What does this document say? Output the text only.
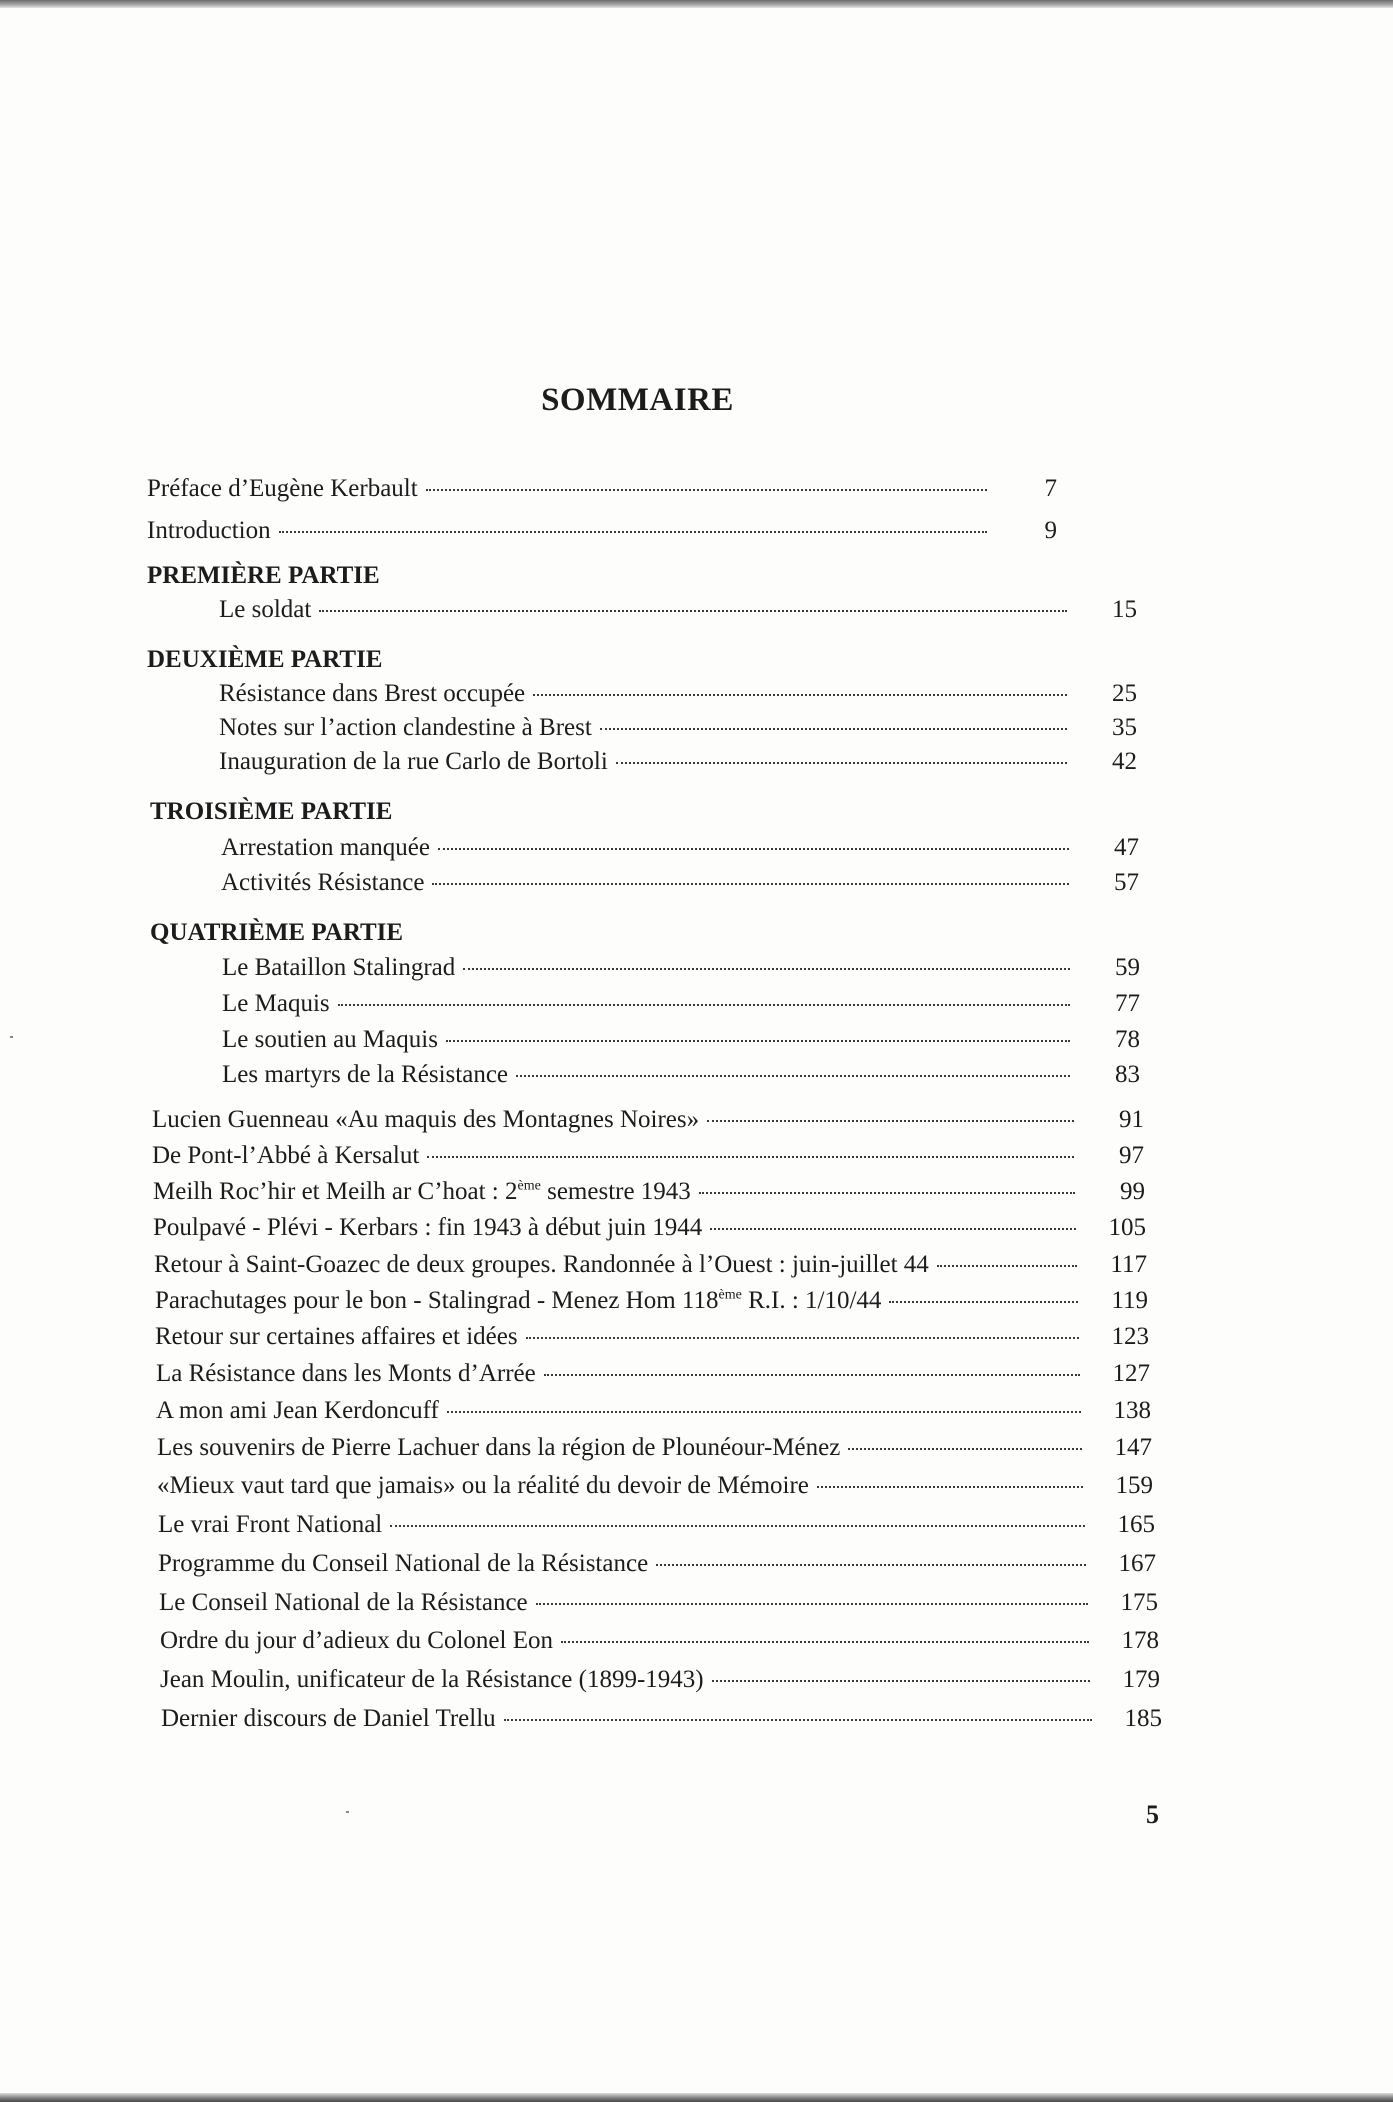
SOMMAIRE
Préface d’Eugène Kerbault	7
Introduction	9
PREMIÈRE PARTIE
Le soldat	15
DEUXIÈME PARTIE
Résistance dans Brest occupée	25
Notes sur l’action clandestine à Brest	35
Inauguration de la rue Carlo de Bortoli	42
TROISIÈME PARTIE
Arrestation manquée	47
Activités Résistance	57
QUATRIÈME PARTIE
Le Bataillon Stalingrad	59
Le Maquis	77
Le soutien au Maquis	78
Les martyrs de la Résistance	83
Lucien Guenneau «Au maquis des Montagnes Noires»	91
De Pont-l’Abbé à Kersalut	97
Meilh Roc’hir et Meilh ar C’hoat : 2ème semestre 1943	99
Poulpavé - Plévi - Kerbars : fin 1943 à début juin 1944	105
Retour à Saint-Goazec de deux groupes. Randonnée à l’Ouest : juin-juillet 44	117
Parachutages pour le bon - Stalingrad - Menez Hom 118ème R.I. : 1/10/44	119
Retour sur certaines affaires et idées	123
La Résistance dans les Monts d’Arrée	127
A mon ami Jean Kerdoncuff	138
Les souvenirs de Pierre Lachuer dans la région de Plounéour-Ménez	147
«Mieux vaut tard que jamais» ou la réalité du devoir de Mémoire	159
Le vrai Front National	165
Programme du Conseil National de la Résistance	167
Le Conseil National de la Résistance	175
Ordre du jour d’adieux du Colonel Eon	178
Jean Moulin, unificateur de la Résistance (1899-1943)	179
Dernier discours de Daniel Trellu	185
5
